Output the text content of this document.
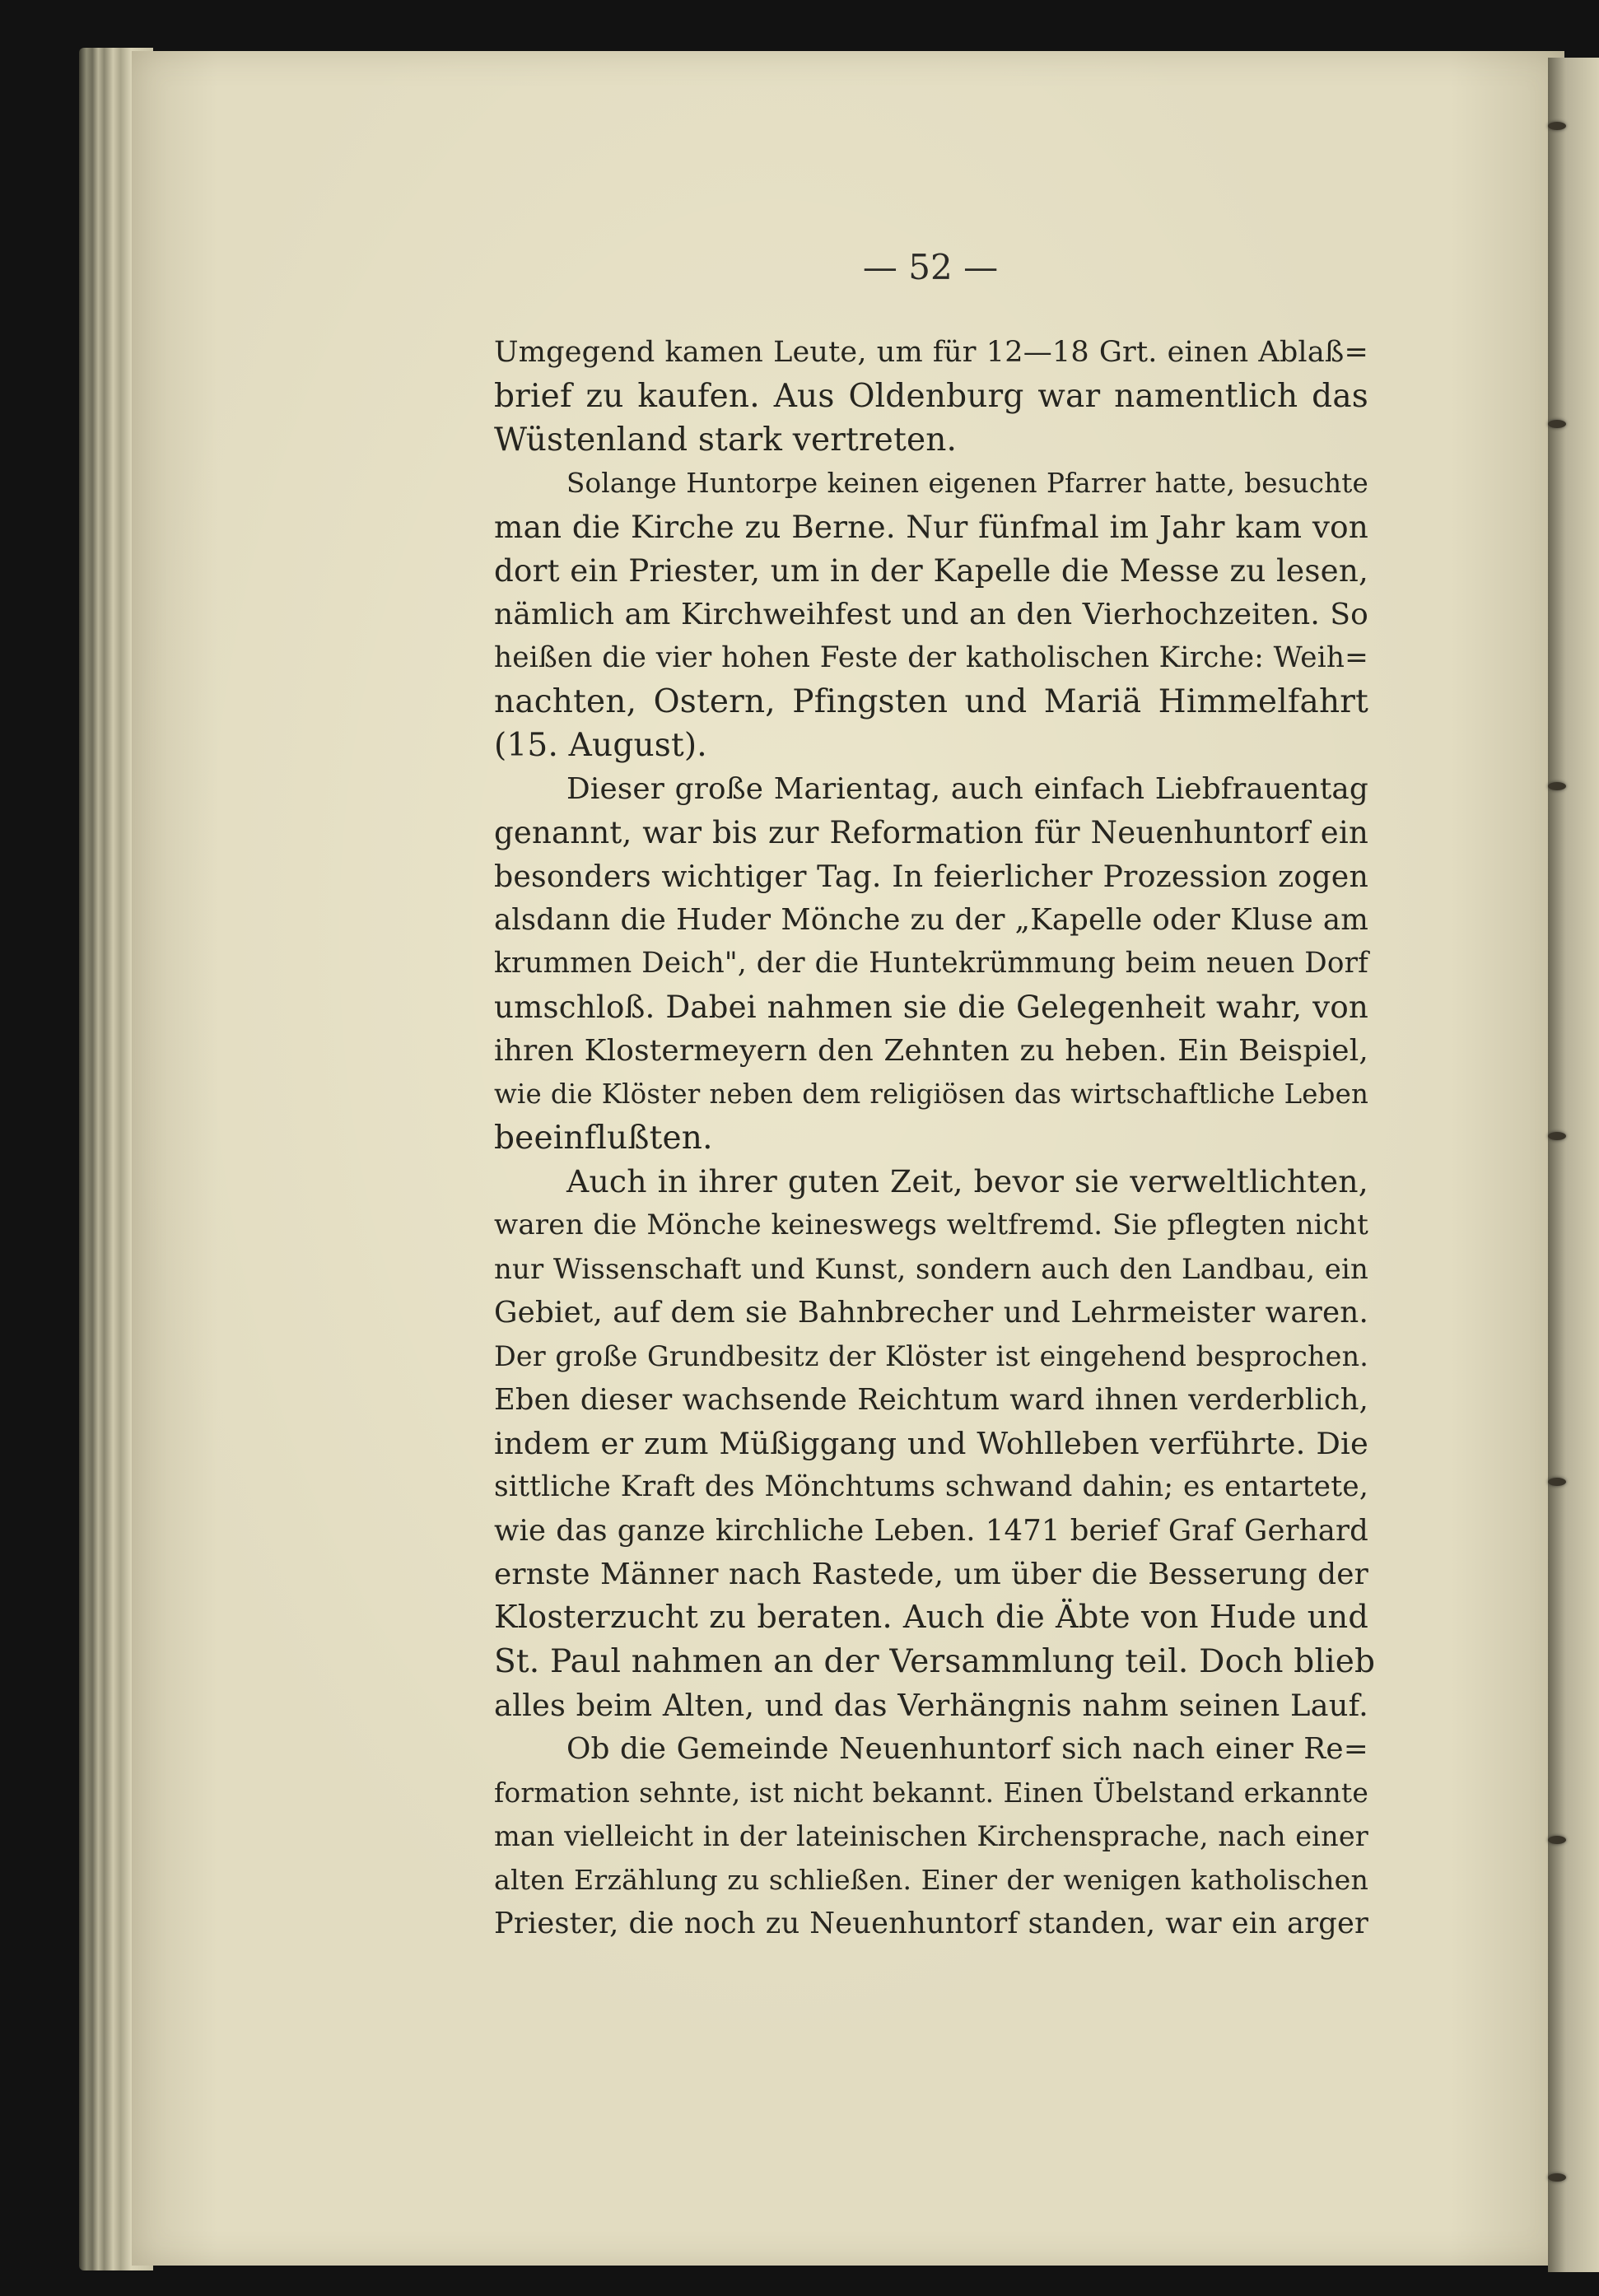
— 52 —
Umgegend kamen Leute, um für 12—18 Grt. einen Ablaß=
brief zu kaufen. Aus Oldenburg war namentlich das
Wüstenland stark vertreten.
Solange Huntorpe keinen eigenen Pfarrer hatte, besuchte
man die Kirche zu Berne. Nur fünfmal im Jahr kam von
dort ein Priester, um in der Kapelle die Messe zu lesen,
nämlich am Kirchweihfest und an den Vierhochzeiten. So
heißen die vier hohen Feste der katholischen Kirche: Weih=
nachten, Ostern, Pfingsten und Mariä Himmelfahrt
(15. August).
Dieser große Marientag, auch einfach Liebfrauentag
genannt, war bis zur Reformation für Neuenhuntorf ein
besonders wichtiger Tag. In feierlicher Prozession zogen
alsdann die Huder Mönche zu der „Kapelle oder Kluse am
krummen Deich", der die Huntekrümmung beim neuen Dorf
umschloß. Dabei nahmen sie die Gelegenheit wahr, von
ihren Klostermeyern den Zehnten zu heben. Ein Beispiel,
wie die Klöster neben dem religiösen das wirtschaftliche Leben
beeinflußten.
Auch in ihrer guten Zeit, bevor sie verweltlichten,
waren die Mönche keineswegs weltfremd. Sie pflegten nicht
nur Wissenschaft und Kunst, sondern auch den Landbau, ein
Gebiet, auf dem sie Bahnbrecher und Lehrmeister waren.
Der große Grundbesitz der Klöster ist eingehend besprochen.
Eben dieser wachsende Reichtum ward ihnen verderblich,
indem er zum Müßiggang und Wohlleben verführte. Die
sittliche Kraft des Mönchtums schwand dahin; es entartete,
wie das ganze kirchliche Leben. 1471 berief Graf Gerhard
ernste Männer nach Rastede, um über die Besserung der
Klosterzucht zu beraten. Auch die Äbte von Hude und
St. Paul nahmen an der Versammlung teil. Doch blieb
alles beim Alten, und das Verhängnis nahm seinen Lauf.
Ob die Gemeinde Neuenhuntorf sich nach einer Re=
formation sehnte, ist nicht bekannt. Einen Übelstand erkannte
man vielleicht in der lateinischen Kirchensprache, nach einer
alten Erzählung zu schließen. Einer der wenigen katholischen
Priester, die noch zu Neuenhuntorf standen, war ein arger
